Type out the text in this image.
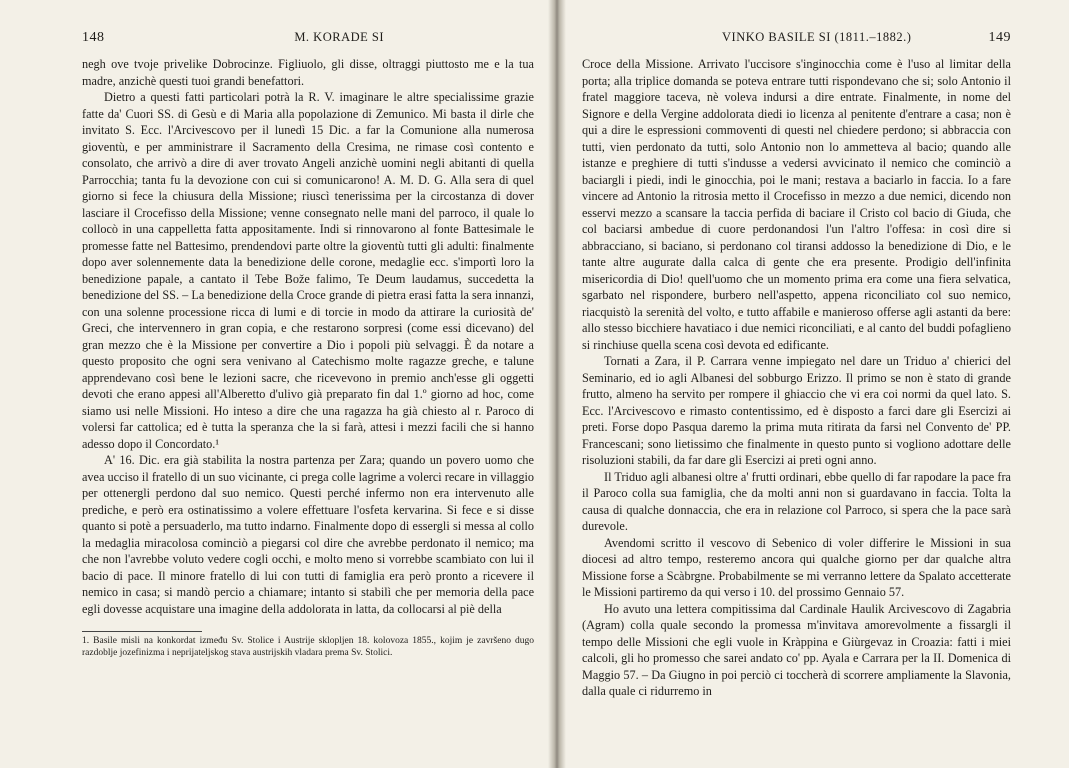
148	M. KORADE SI

negh ove tvoje privelike Dobrocinze. Figliuolo, gli disse, oltraggi piuttosto me e la tua madre, anzichè questi tuoi grandi benefattori.

Dietro a questi fatti particolari potrà la R. V. imaginare le altre specialissime grazie fatte da' Cuori SS. di Gesù e di Maria alla popolazione di Zemunico. Mi basta il dirle che invitato S. Ecc. l'Arcivescovo per il lunedì 15 Dic. a far la Comunione alla numerosa gioventù, e per amministrare il Sacramento della Cresima, ne rimase così contento e consolato, che arrivò a dire di aver trovato Angeli anzichè uomini negli abitanti di quella Parrocchia; tanta fu la devozione con cui si comunicarono! A. M. D. G. Alla sera di quel giorno si fece la chiusura della Missione; riuscì tenerissima per la circostanza di dover lasciare il Crocefisso della Missione; venne consegnato nelle mani del parroco, il quale lo collocò in una cappelletta fatta appositamente. Indi si rinnovarono al fonte Battesimale le promesse fatte nel Battesimo, prendendovi parte oltre la gioventù tutti gli adulti: finalmente dopo aver solennemente data la benedizione delle corone, medaglie ecc. s'importì loro la benedizione papale, a cantato il Tebe Bože falimo, Te Deum laudamus, succedetta la benedizione del SS. – La benedizione della Croce grande di pietra erasi fatta la sera innanzi, con una solenne processione ricca di lumi e di torcie in modo da attirare la curiosità de' Greci, che intervennero in gran copia, e che restarono sorpresi (come essi dicevano) del gran mezzo che è la Missione per convertire a Dio i popoli più selvaggi. È da notare a questo proposito che ogni sera venivano al Catechismo molte ragazze greche, e talune apprendevano così bene le lezioni sacre, che ricevevono in premio anch'esse gli oggetti devoti che erano appesi all'Alberetto d'ulivo già preparato fin dal 1.º giorno ad hoc, come siamo usi nelle Missioni. Ho inteso a dire che una ragazza ha già chiesto al r. Paroco di volersi far cattolica; ed è tutta la speranza che la si farà, attesi i mezzi facili che si hanno adesso dopo il Concordato.¹

A' 16. Dic. era già stabilita la nostra partenza per Zara; quando un povero uomo che avea ucciso il fratello di un suo vicinante, ci prega colle lagrime a volerci recare in villaggio per ottenergli perdono dal suo nemico. Questi perché infermo non era intervenuto alle prediche, e però era ostinatissimo a volere effettuare l'osfeta kervarina. Si fece e si disse quanto si potè a persuaderlo, ma tutto indarno. Finalmente dopo di essergli si messa al collo la medaglia miracolosa cominciò a piegarsi col dire che avrebbe perdonato il nemico; ma che non l'avrebbe voluto vedere cogli occhi, e molto meno si vorrebbe scambiato con lui il bacio di pace. Il minore fratello di lui con tutti di famiglia era però pronto a ricevere il nemico in casa; si mandò percio a chiamare; intanto si stabilì che per memoria della pace egli dovesse acquistare una imagine della addolorata in latta, da collocarsi al piè della

1. Basile misli na konkordat između Sv. Stolice i Austrije sklopljen 18. kolovoza 1855., kojim je završeno dugo razdoblje jozefinizma i neprijateljskog stava austrijskih vladara prema Sv. Stolici.
VINKO BASILE SI (1811.–1882.)	149

Croce della Missione. Arrivato l'uccisore s'inginocchia come è l'uso al limitar della porta; alla triplice domanda se poteva entrare tutti rispondevano che si; solo Antonio il fratel maggiore taceva, nè voleva indursi a dire entrate. Finalmente, in nome del Signore e della Vergine addolorata diedi io licenza al penitente d'entrare a casa; non è qui a dire le espressioni commoventi di questi nel chiedere perdono; si abbraccia con tutti, vien perdonato da tutti, solo Antonio non lo ammetteva al bacio; quando alle istanze e preghiere di tutti s'indusse a vedersi avvicinato il nemico che cominciò a baciargli i piedi, indi le ginocchia, poi le mani; restava a baciarlo in faccia. Io a fare vincere ad Antonio la ritrosia metto il Crocefisso in mezzo a due nemici, dicendo non esservi mezzo a scansare la taccia perfida di baciare il Cristo col bacio di Giuda, che col baciarsi ambedue di cuore perdonandosi l'un l'altro l'offesa: in così dire si abbracciano, si baciano, si perdonano col tiransi addosso la benedizione di Dio, e le tante altre augurate dalla calca di gente che era presente. Prodigio dell'infinita misericordia di Dio! quell'uomo che un momento prima era come una fiera selvatica, sgarbato nel rispondere, burbero nell'aspetto, appena riconciliato col suo nemico, riacquistò la serenità del volto, e tutto affabile e manieroso offerse agli astanti da bere: allo stesso bicchiere havatiaco i due nemici riconciliati, e al canto del buddi pofaglieno si rinchiuse quella scena così devota ed edificante.

Tornati a Zara, il P. Carrara venne impiegato nel dare un Triduo a' chierici del Seminario, ed io agli Albanesi del sobburgo Erizzo. Il primo se non è stato di grande frutto, almeno ha servito per rompere il ghiaccio che vi era coi normi da quel lato. S. Ecc. l'Arcivescovo e rimasto contentissimo, ed è disposto a farci dare gli Esercizi ai preti. Forse dopo Pasqua daremo la prima muta ritirata da farsi nel Convento de' PP. Francescani; sono lietissimo che finalmente in questo punto si vogliono adottare delle risoluzioni stabili, da far dare gli Esercizi ai preti ogni anno.

Il Triduo agli albanesi oltre a' frutti ordinari, ebbe quello di far rapodare la pace fra il Paroco colla sua famiglia, che da molti anni non si guardavano in faccia. Tolta la causa di qualche donnaccia, che era in relazione col Parroco, si spera che la pace sarà durevole.

Avendomi scritto il vescovo di Sebenico di voler differire le Missioni in sua diocesi ad altro tempo, resteremo ancora qui qualche giorno per dar qualche altra Missione forse a Scàbrgne. Probabilmente se mi verranno lettere da Spalato accetterate le Missioni partiremo da qui verso i 10. del prossimo Gennaio 57.

Ho avuto una lettera compitissima dal Cardinale Haulik Arcivescovo di Zagabria (Agram) colla quale secondo la promessa m'invitava amorevolmente a fissargli il tempo delle Missioni che egli vuole in Kràppina e Giùrgevaz in Croazia: fatti i miei calcoli, gli ho promesso che sarei andato co' pp. Ayala e Carrara per la II. Domenica di Maggio 57. – Da Giugno in poi perciò ci toccherà di scorrere ampliamente la Slavonia, dalla quale ci ridurremo in
